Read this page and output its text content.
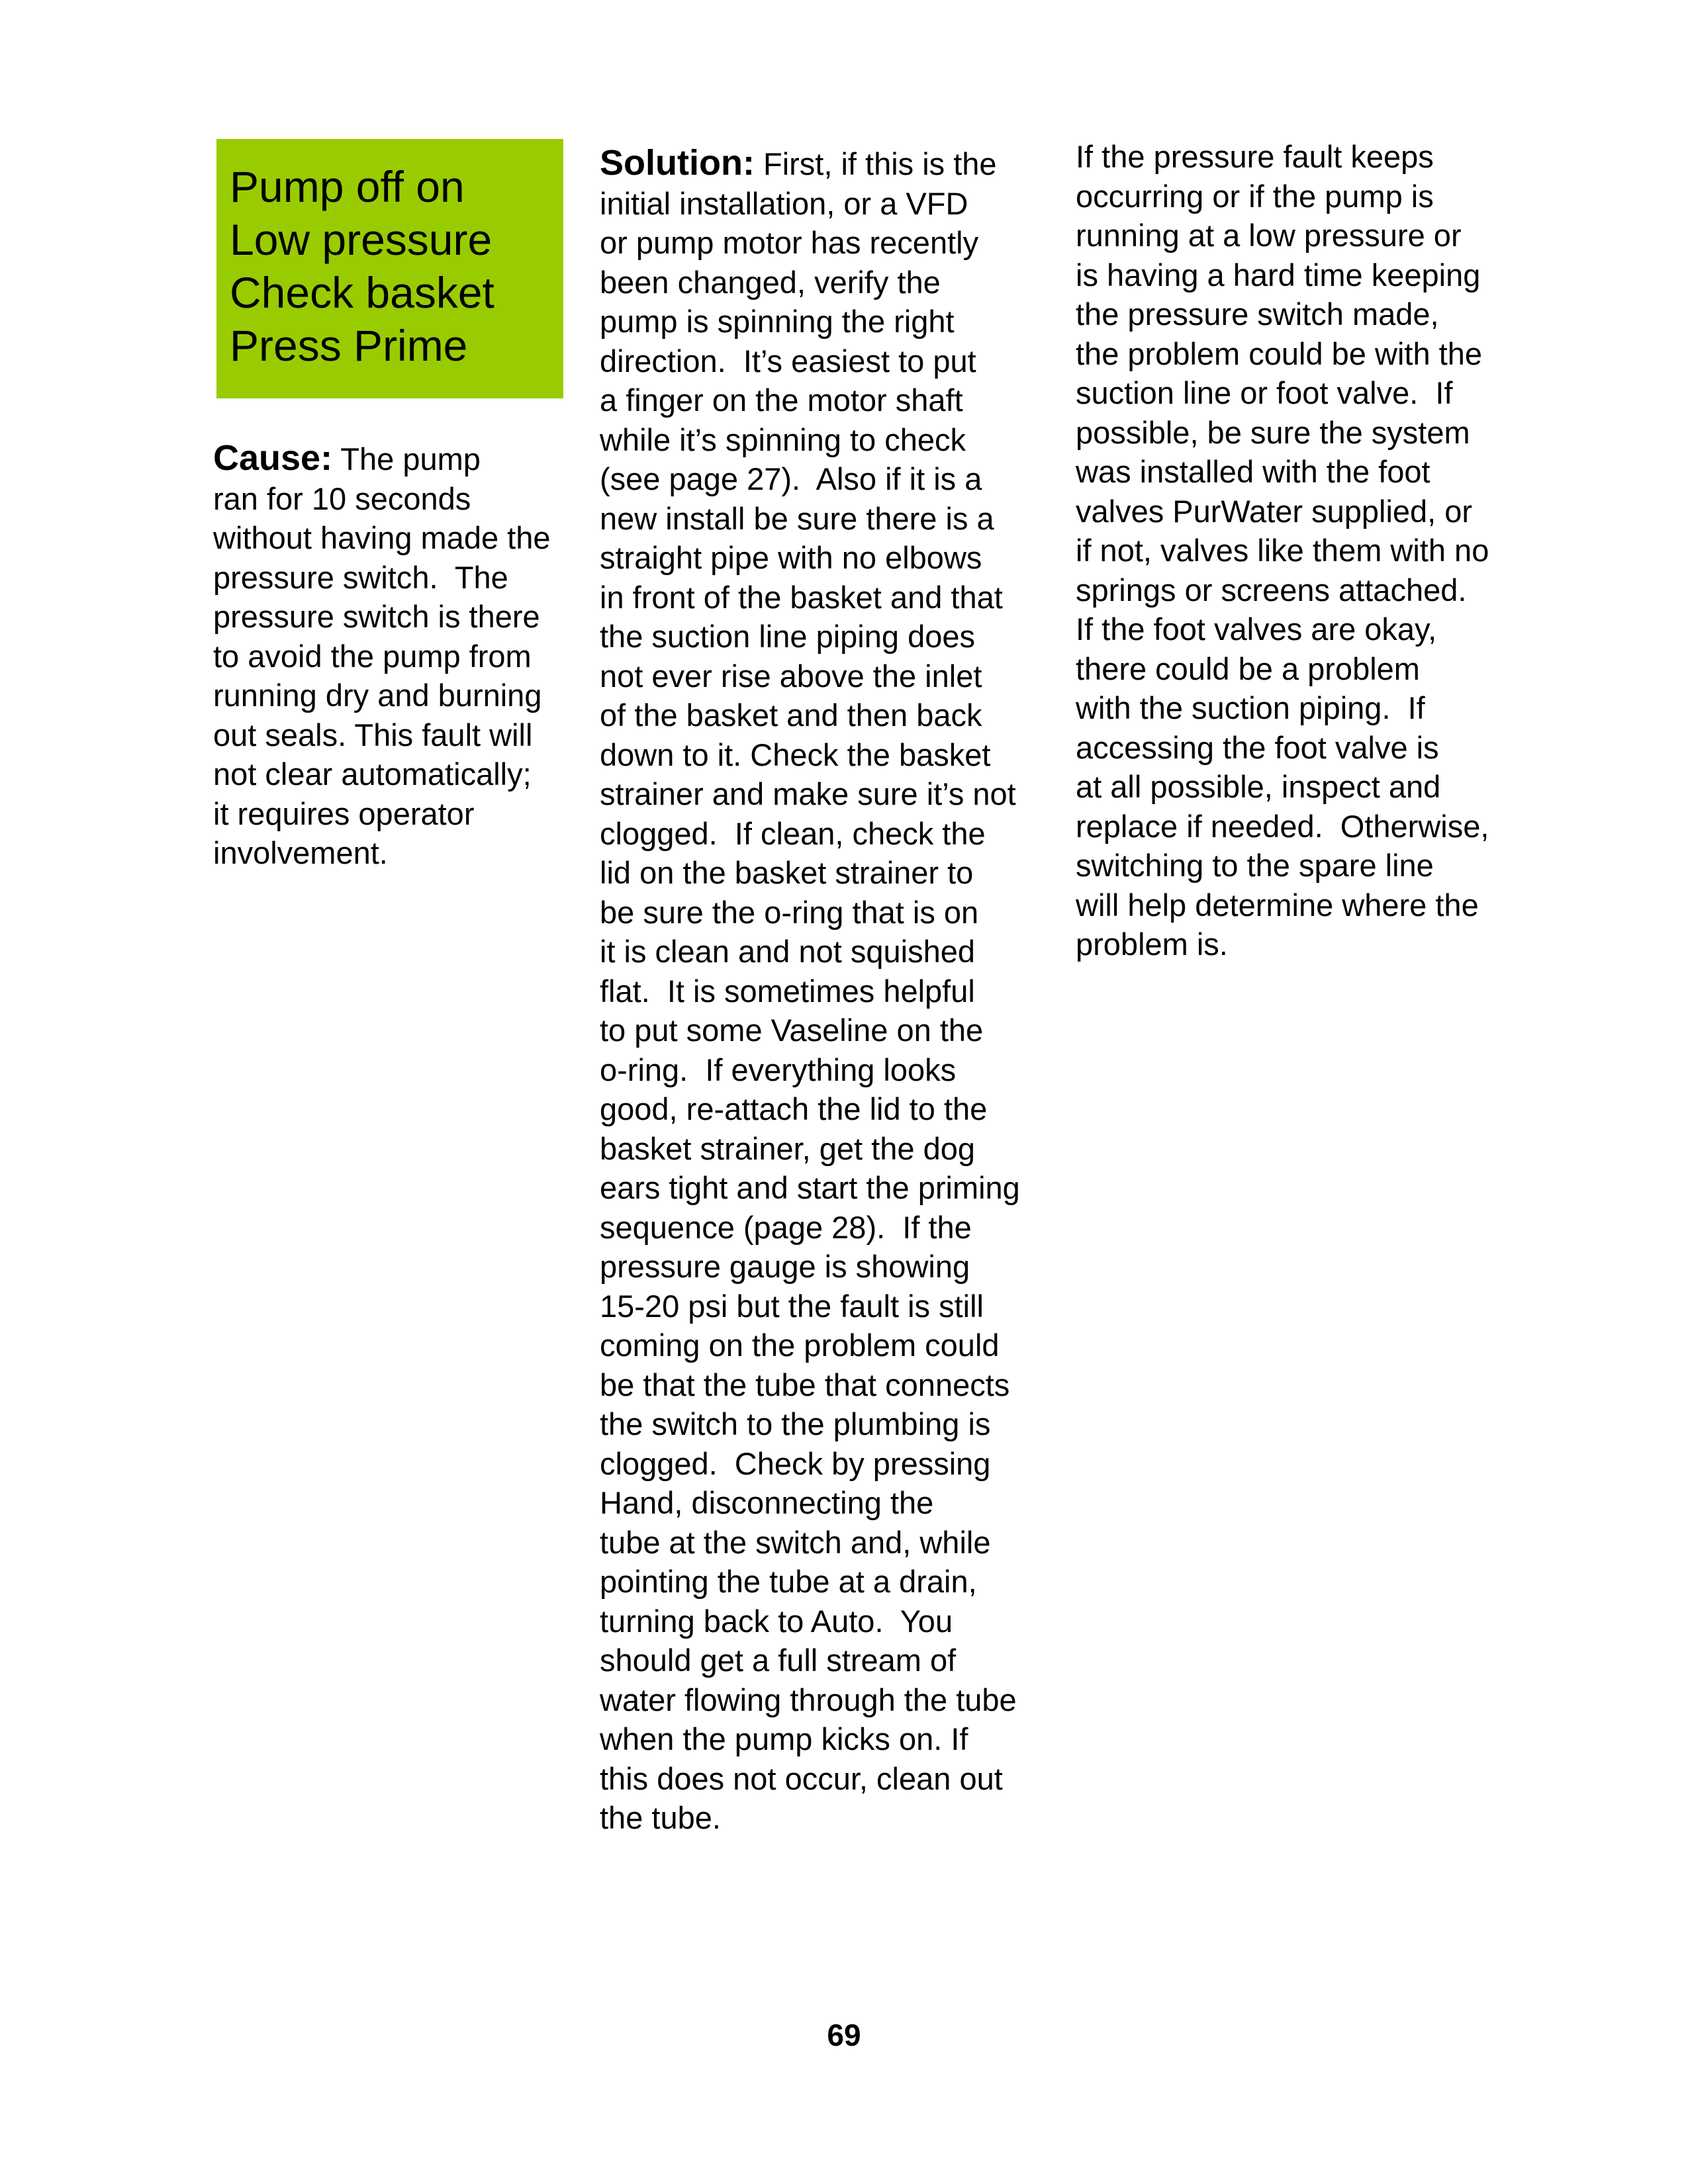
Pump off on
Low pressure
Check basket
Press Prime
Cause: The pump
ran for 10 seconds
without having made the
pressure switch.  The
pressure switch is there
to avoid the pump from
running dry and burning
out seals. This fault will
not clear automatically;
it requires operator
involvement.
Solution: First, if this is the
initial installation, or a VFD
or pump motor has recently
been changed, verify the
pump is spinning the right
direction.  It’s easiest to put
a finger on the motor shaft
while it’s spinning to check
(see page 27).  Also if it is a
new install be sure there is a
straight pipe with no elbows
in front of the basket and that
the suction line piping does
not ever rise above the inlet
of the basket and then back
down to it. Check the basket
strainer and make sure it’s not
clogged.  If clean, check the
lid on the basket strainer to
be sure the o-ring that is on
it is clean and not squished
flat.  It is sometimes helpful
to put some Vaseline on the
o-ring.  If everything looks
good, re-attach the lid to the
basket strainer, get the dog
ears tight and start the priming
sequence (page 28).  If the
pressure gauge is showing
15-20 psi but the fault is still
coming on the problem could
be that the tube that connects
the switch to the plumbing is
clogged.  Check by pressing
Hand, disconnecting the
tube at the switch and, while
pointing the tube at a drain,
turning back to Auto.  You
should get a full stream of
water flowing through the tube
when the pump kicks on. If
this does not occur, clean out
the tube.
If the pressure fault keeps
occurring or if the pump is
running at a low pressure or
is having a hard time keeping
the pressure switch made,
the problem could be with the
suction line or foot valve.  If
possible, be sure the system
was installed with the foot
valves PurWater supplied, or
if not, valves like them with no
springs or screens attached.
If the foot valves are okay,
there could be a problem
with the suction piping.  If
accessing the foot valve is
at all possible, inspect and
replace if needed.  Otherwise,
switching to the spare line
will help determine where the
problem is.
69
